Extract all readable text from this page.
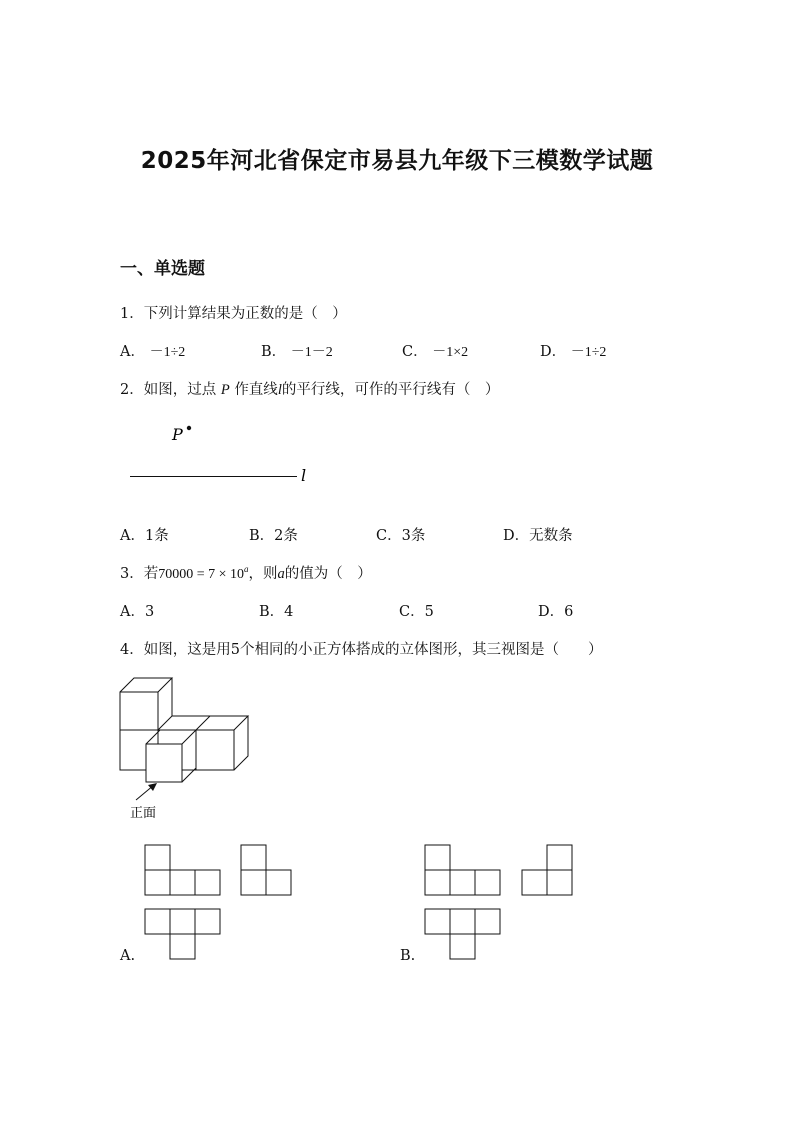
2025年河北省保定市易县九年级下三模数学试题
一、单选题
1．下列计算结果为正数的是（　）
A． －1÷2	B． －1－2	C． －1×2	D． －1÷2
2．如图，过点 P 作直线l的平行线，可作的平行线有（　）
P
l
A．1条	B．2条	C．3条	D．无数条
3．若$70000 = 7 \times 10^a$，则a的值为（　）
A．3	B．4	C．5	D．6
4．如图，这是用5个相同的小正方体搭成的立体图形，其三视图是（　　）
正面
A.	B.
